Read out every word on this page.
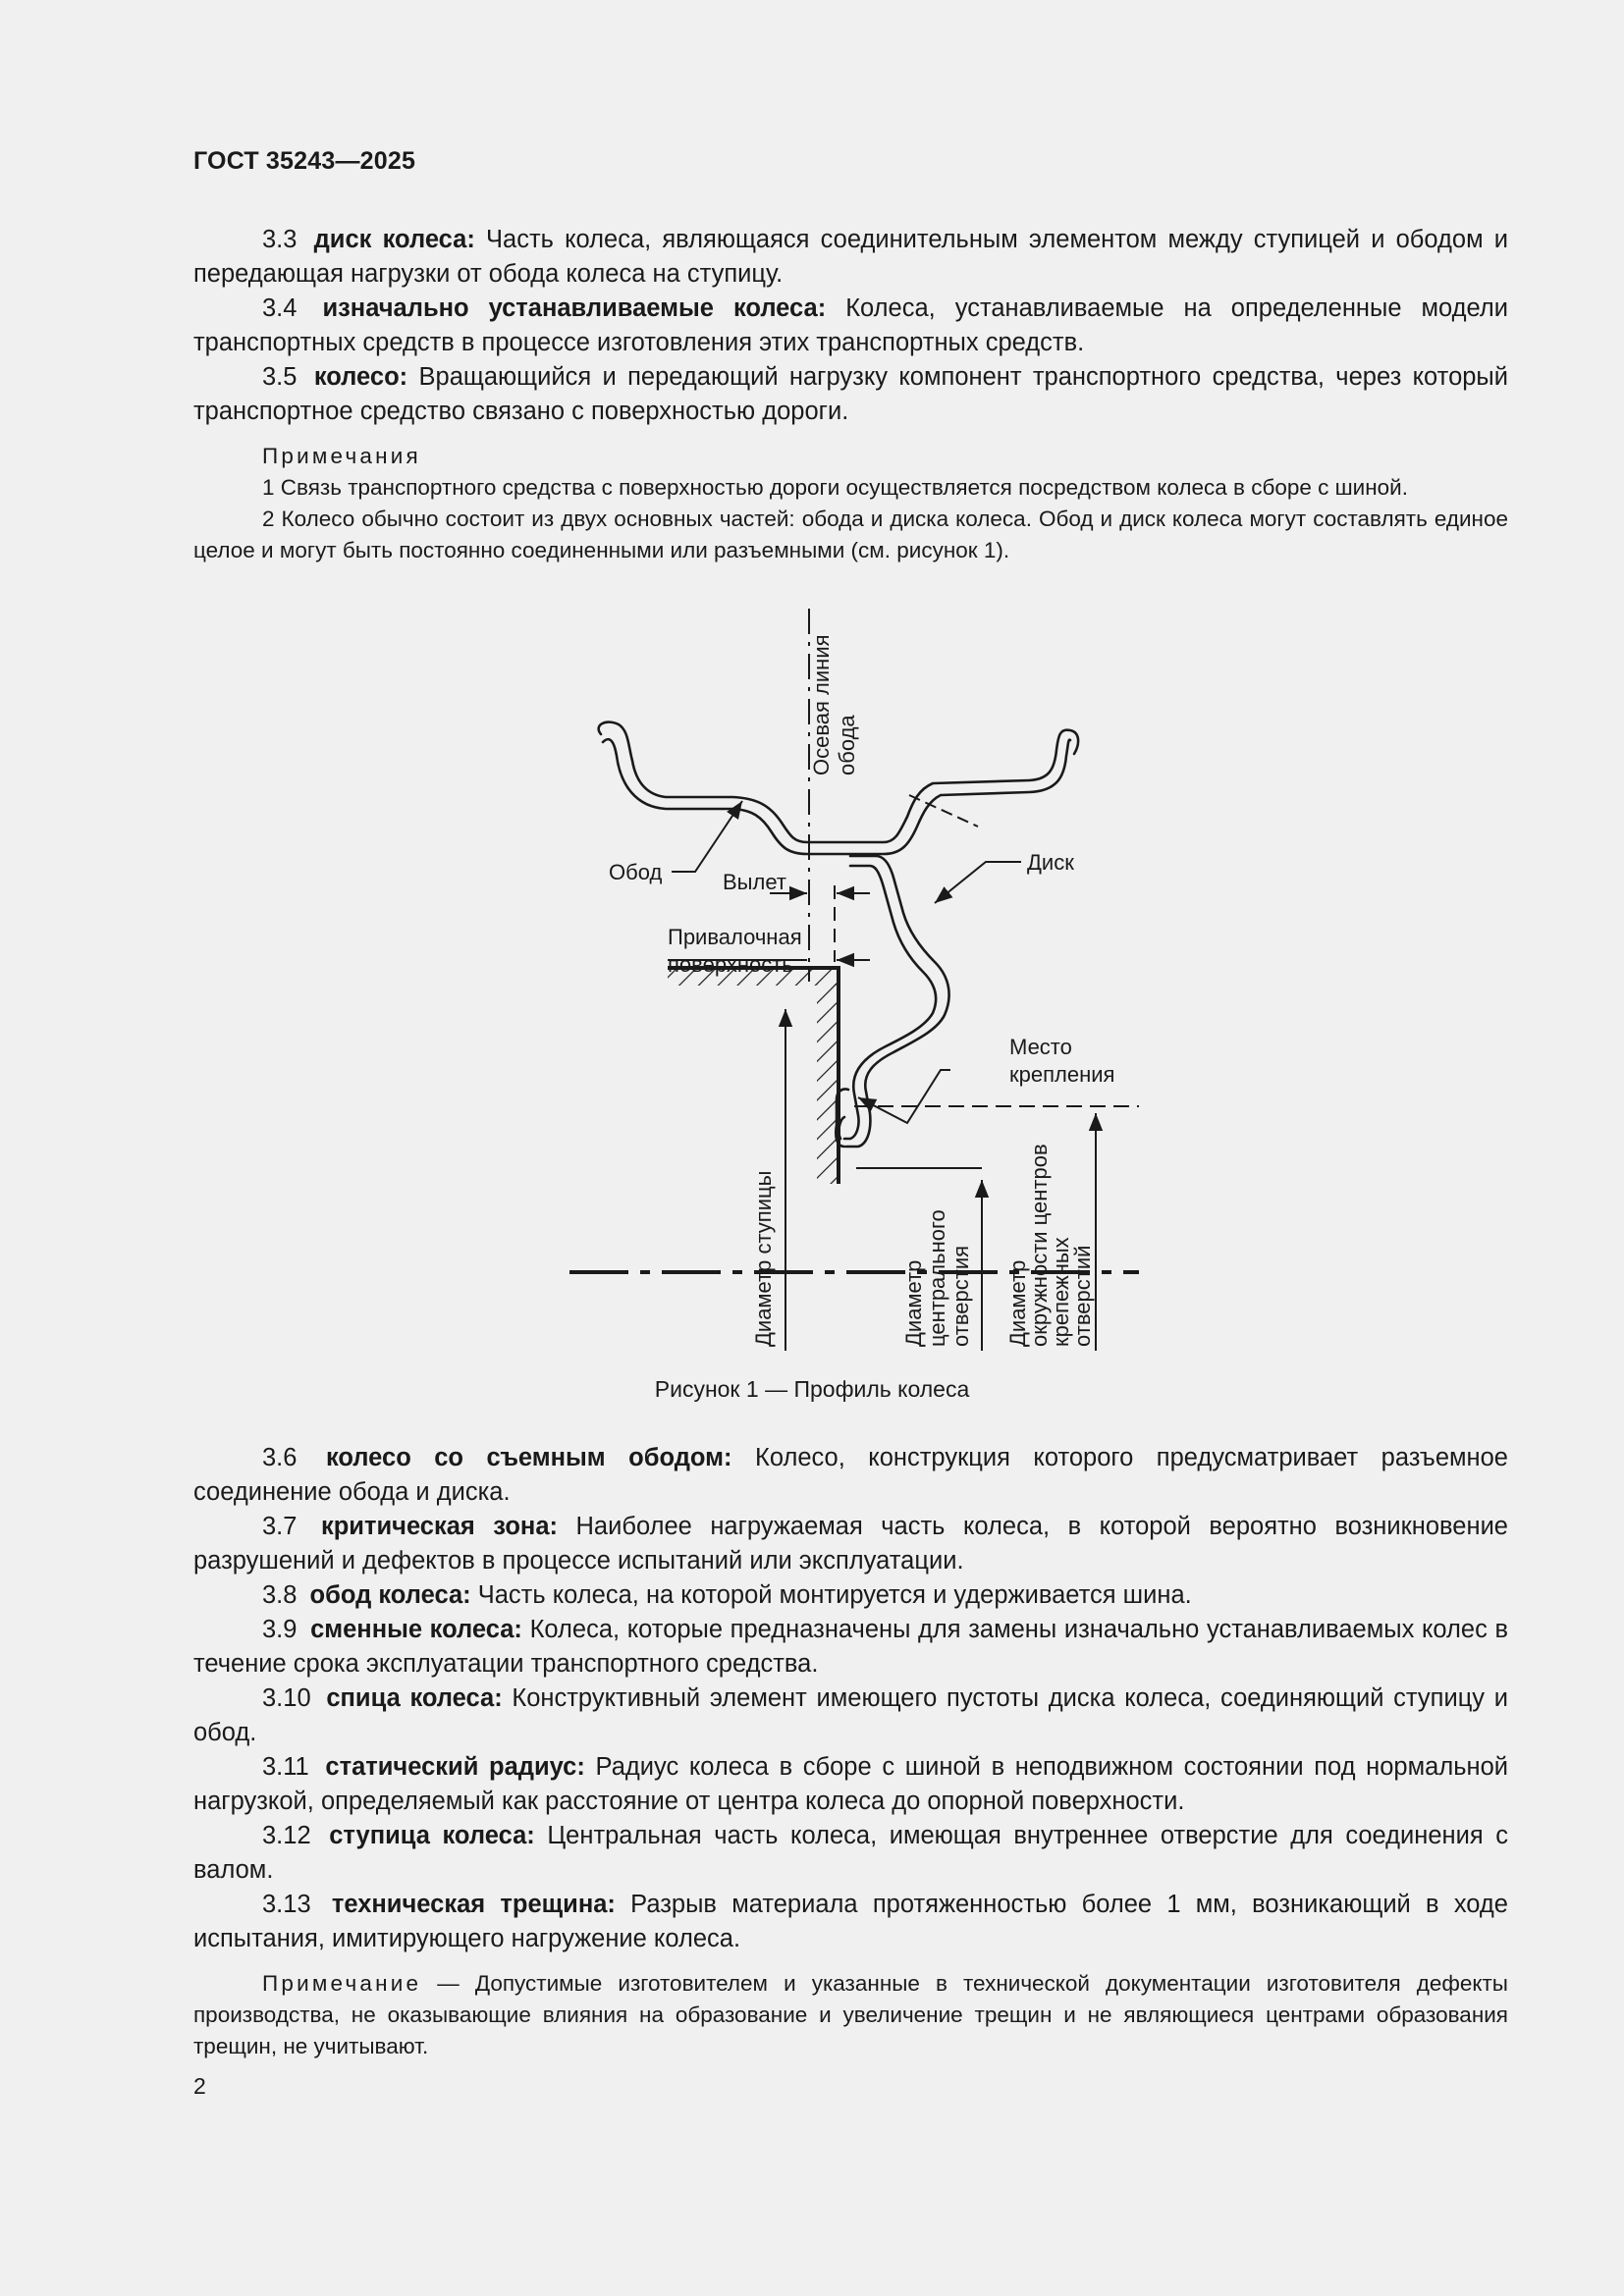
ГОСТ 35243—2025

3.3 диск колеса: Часть колеса, являющаяся соединительным элементом между ступицей и ободом и передающая нагрузки от обода колеса на ступицу.

3.4 изначально устанавливаемые колеса: Колеса, устанавливаемые на определенные модели транспортных средств в процессе изготовления этих транспортных средств.

3.5 колесо: Вращающийся и передающий нагрузку компонент транспортного средства, через который транспортное средство связано с поверхностью дороги.

Примечания

1 Связь транспортного средства с поверхностью дороги осуществляется посредством колеса в сборе с шиной.

2 Колесо обычно состоит из двух основных частей: обода и диска колеса. Обод и диск колеса могут составлять единое целое и могут быть постоянно соединенными или разъемными (см. рисунок 1).

Осевая линия обода
Обод	Диск
Вылет
Привалочная
поверхность
Место
крепления
Диаметр ступицы	Диаметр центрального отверстия Диаметр
окружности центров
крепежных
отверстий
Рисунок 1 — Профиль колеса

3.6 колесо со съемным ободом: Колесо, конструкция которого предусматривает разъемное соединение обода и диска.

3.7 критическая зона: Наиболее нагружаемая часть колеса, в которой вероятно возникновение разрушений и дефектов в процессе испытаний или эксплуатации.

3.8 обод колеса: Часть колеса, на которой монтируется и удерживается шина.

3.9 сменные колеса: Колеса, которые предназначены для замены изначально устанавливаемых колес в течение срока эксплуатации транспортного средства.

3.10 спица колеса: Конструктивный элемент имеющего пустоты диска колеса, соединяющий ступицу и обод.

3.11 статический радиус: Радиус колеса в сборе с шиной в неподвижном состоянии под нормальной нагрузкой, определяемый как расстояние от центра колеса до опорной поверхности.

3.12 ступица колеса: Центральная часть колеса, имеющая внутреннее отверстие для соединения с валом.

3.13 техническая трещина: Разрыв материала протяженностью более 1 мм, возникающий в ходе испытания, имитирующего нагружение колеса.

Примечание — Допустимые изготовителем и указанные в технической документации изготовителя дефекты производства, не оказывающие влияния на образование и увеличение трещин и не являющиеся центрами образования трещин, не учитывают.

2
